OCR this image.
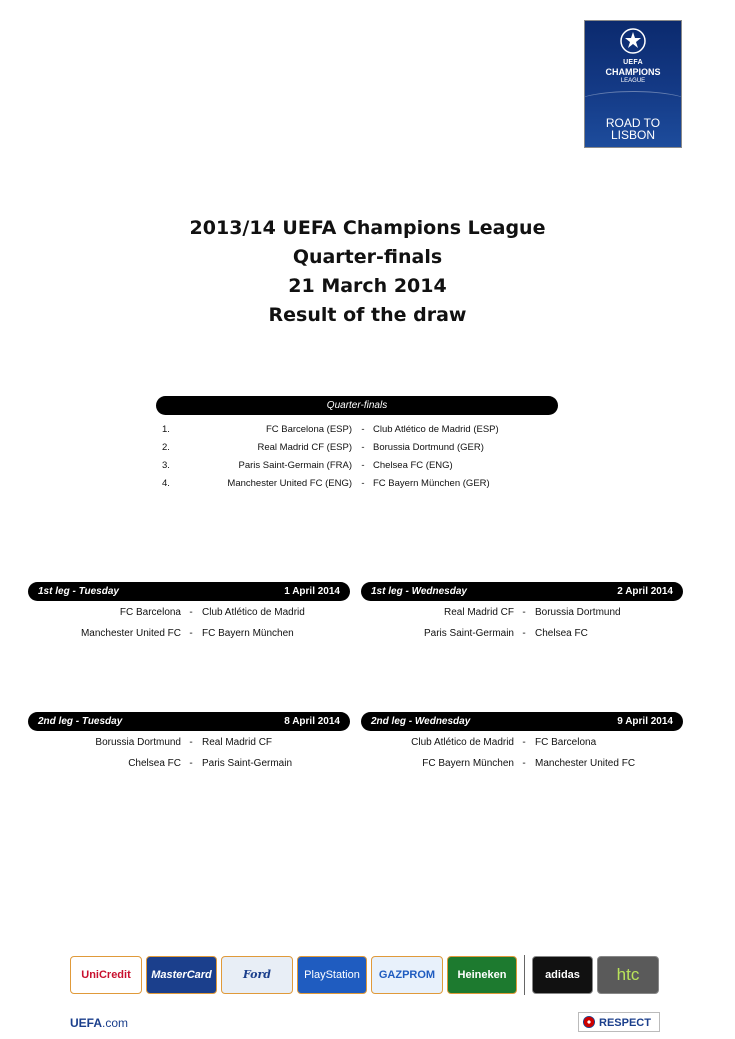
UEFA
CHAMPIONS
LEAGUE
ROAD TO
LISBON
2013/14 UEFA Champions League
Quarter-finals
21 March 2014
Result of the draw
Quarter-finals
1.	FC Barcelona (ESP) - Club Atlético de Madrid (ESP)
2.	Real Madrid CF (ESP) - Borussia Dortmund (GER)
3.	Paris Saint-Germain (FRA) - Chelsea FC (ENG)
4.	Manchester United FC (ENG) - FC Bayern München (GER)
1st leg - Tuesday	1 April 2014
FC Barcelona - Club Atlético de Madrid
Manchester United FC - FC Bayern München
1st leg - Wednesday	2 April 2014
Real Madrid CF - Borussia Dortmund
Paris Saint-Germain - Chelsea FC
2nd leg - Tuesday	8 April 2014
Borussia Dortmund - Real Madrid CF
Chelsea FC - Paris Saint-Germain
2nd leg - Wednesday	9 April 2014
Club Atlético de Madrid - FC Barcelona
FC Bayern München - Manchester United FC
UniCredit	MasterCard	Ford	PlayStation	GAZPROM	Heineken	adidas	htc
UEFA.com	RESPECT
